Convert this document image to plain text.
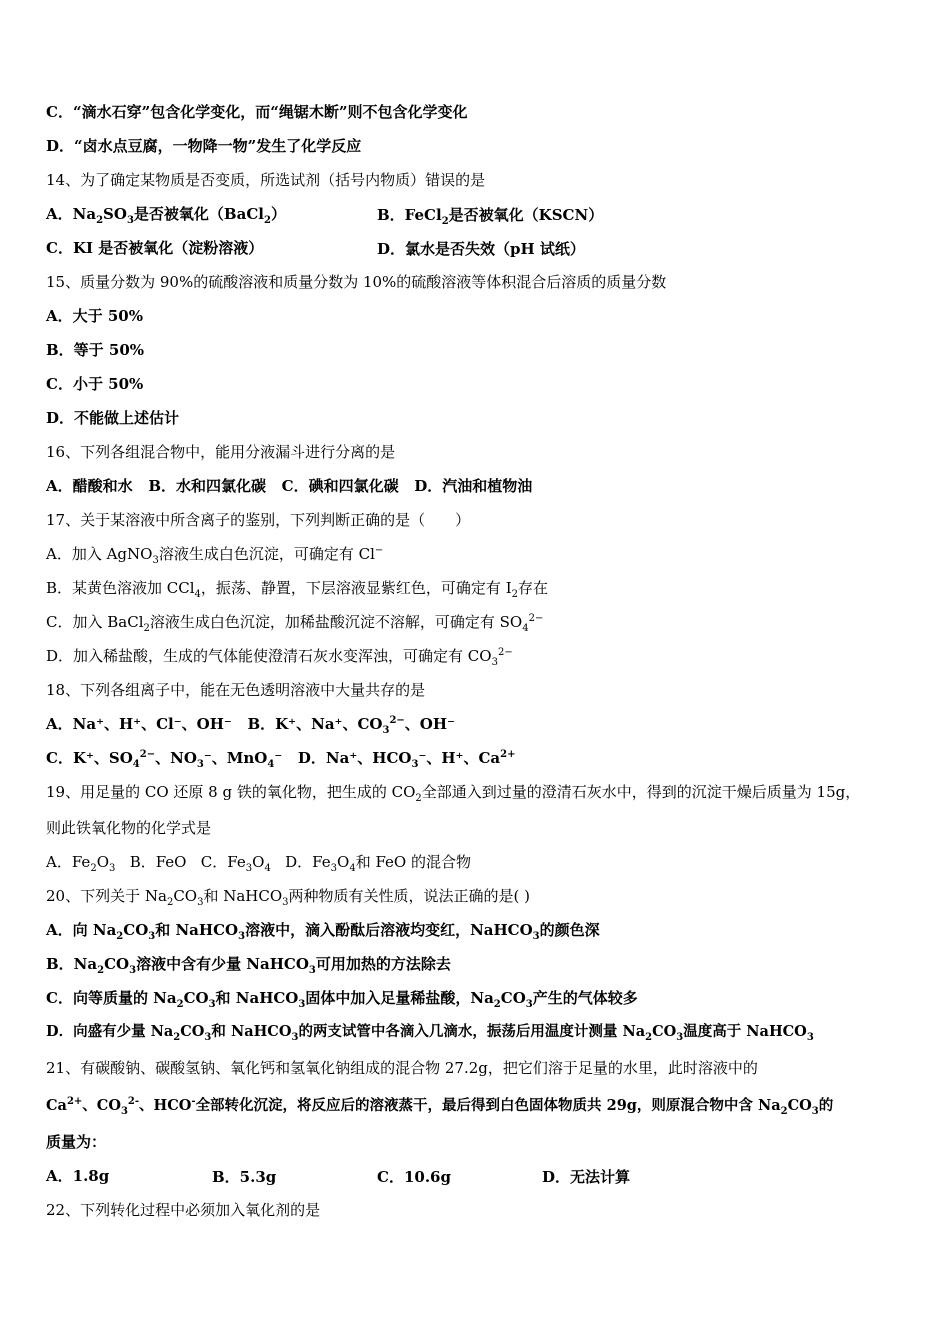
C．“滴水石穿”包含化学变化，而“绳锯木断”则不包含化学变化
D．“卤水点豆腐，一物降一物”发生了化学反应
14、为了确定某物质是否变质，所选试剂（括号内物质）错误的是
A．$Na_2SO_3$是否被氧化（BaCl$_2$）	B．FeCl$_2$是否被氧化（KSCN）
C．KI 是否被氧化（淀粉溶液）	D．氯水是否失效（pH 试纸）
15、质量分数为 90%的硫酸溶液和质量分数为 10%的硫酸溶液等体积混合后溶质的质量分数
A．大于 50%
B．等于 50%
C．小于 50%
D．不能做上述估计
16、下列各组混合物中，能用分液漏斗进行分离的是
A．醋酸和水 B．水和四氯化碳 C．碘和四氯化碳 D．汽油和植物油
17、关于某溶液中所含离子的鉴别，下列判断正确的是（　　）
A．加入 AgNO$_3$溶液生成白色沉淀，可确定有 Cl−
B．某黄色溶液加 CCl$_4$，振荡、静置，下层溶液显紫红色，可确定有 $I_2$存在
C．加入 BaCl$_2$溶液生成白色沉淀，加稀盐酸沉淀不溶解，可确定有 $SO_4^{2-}$
D．加入稀盐酸，生成的气体能使澄清石灰水变浑浊，可确定有 $CO_3^{2-}$
18、下列各组离子中，能在无色透明溶液中大量共存的是
A．Na⁺、H⁺、Cl⁻、OH⁻ B．K⁺、Na⁺、$CO_3^{2-}$、OH⁻
C．K⁺、$SO_4^{2-}$、$NO_3^-$、MnO$_4$⁻ D．Na⁺、$HCO_3^-$、H⁺、$Ca^{2+}$
19、用足量的 CO 还原 8 g 铁的氧化物，把生成的 $CO_2$全部通入到过量的澄清石灰水中，得到的沉淀干燥后质量为 15g，
则此铁氧化物的化学式是
A．$Fe_2O_3$ B．FeO C．$Fe_3O_4$ D．$Fe_3O_4$和 FeO 的混合物
20、下列关于 $Na_2CO_3$和 NaHCO$_3$两种物质有关性质，说法正确的是( )
A．向 $Na_2CO_3$和 NaHCO$_3$溶液中，滴入酚酞后溶液均变红，NaHCO$_3$的颜色深
B．$Na_2CO_3$溶液中含有少量 NaHCO$_3$可用加热的方法除去
C．向等质量的 $Na_2CO_3$和 NaHCO$_3$固体中加入足量稀盐酸，$Na_2CO_3$产生的气体较多
D．向盛有少量 $Na_2CO_3$和 NaHCO$_3$的两支试管中各滴入几滴水，振荡后用温度计测量 $Na_2CO_3$温度高于 NaHCO$_3$
21、有碳酸钠、碳酸氢钠、氧化钙和氢氧化钠组成的混合物 27.2g，把它们溶于足量的水里，此时溶液中的
$Ca^{2+}$、$CO_3^{2-}$、HCO-全部转化沉淀，将反应后的溶液蒸干，最后得到白色固体物质共 29g，则原混合物中含 $Na_2CO_3$的
质量为：
A．1.8g	B．5.3g	C．10.6g	D．无法计算
22、下列转化过程中必须加入氧化剂的是
